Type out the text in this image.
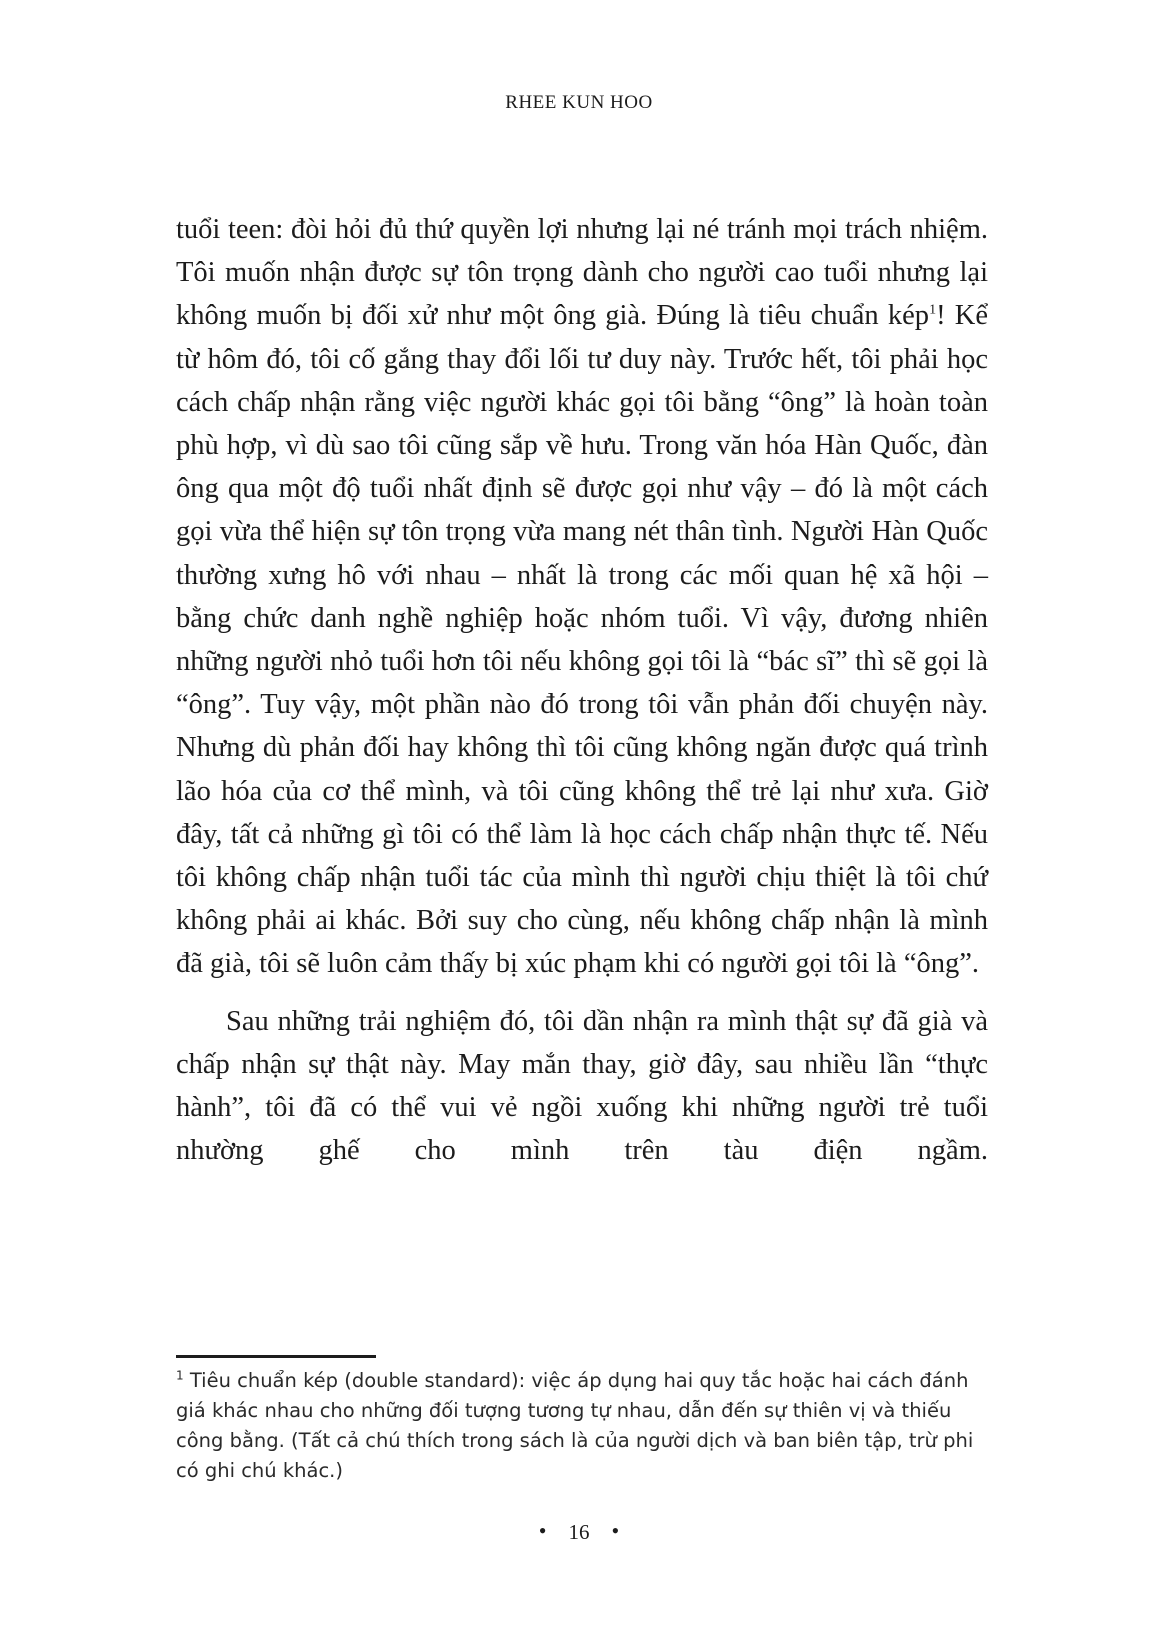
RHEE KUN HOO

tuổi teen: đòi hỏi đủ thứ quyền lợi nhưng lại né tránh mọi trách nhiệm. Tôi muốn nhận được sự tôn trọng dành cho người cao tuổi nhưng lại không muốn bị đối xử như một ông già. Đúng là tiêu chuẩn kép$^1$! Kể từ hôm đó, tôi cố gắng thay đổi lối tư duy này. Trước hết, tôi phải học cách chấp nhận rằng việc người khác gọi tôi bằng “ông” là hoàn toàn phù hợp, vì dù sao tôi cũng sắp về hưu. Trong văn hóa Hàn Quốc, đàn ông qua một độ tuổi nhất định sẽ được gọi như vậy – đó là một cách gọi vừa thể hiện sự tôn trọng vừa mang nét thân tình. Người Hàn Quốc thường xưng hô với nhau – nhất là trong các mối quan hệ xã hội – bằng chức danh nghề nghiệp hoặc nhóm tuổi. Vì vậy, đương nhiên những người nhỏ tuổi hơn tôi nếu không gọi tôi là “bác sĩ” thì sẽ gọi là “ông”. Tuy vậy, một phần nào đó trong tôi vẫn phản đối chuyện này. Nhưng dù phản đối hay không thì tôi cũng không ngăn được quá trình lão hóa của cơ thể mình, và tôi cũng không thể trẻ lại như xưa. Giờ đây, tất cả những gì tôi có thể làm là học cách chấp nhận thực tế. Nếu tôi không chấp nhận tuổi tác của mình thì người chịu thiệt là tôi chứ không phải ai khác. Bởi suy cho cùng, nếu không chấp nhận là mình đã già, tôi sẽ luôn cảm thấy bị xúc phạm khi có người gọi tôi là “ông”.

Sau những trải nghiệm đó, tôi dần nhận ra mình thật sự đã già và chấp nhận sự thật này. May mắn thay, giờ đây, sau nhiều lần “thực hành”, tôi đã có thể vui vẻ ngồi xuống khi những người trẻ tuổi nhường ghế cho mình trên tàu điện ngầm.

$^1$ Tiêu chuẩn kép (double standard): việc áp dụng hai quy tắc hoặc hai cách đánh giá khác nhau cho những đối tượng tương tự nhau, dẫn đến sự thiên vị và thiếu công bằng. (Tất cả chú thích trong sách là của người dịch và ban biên tập, trừ phi có ghi chú khác.)
• 16 •
